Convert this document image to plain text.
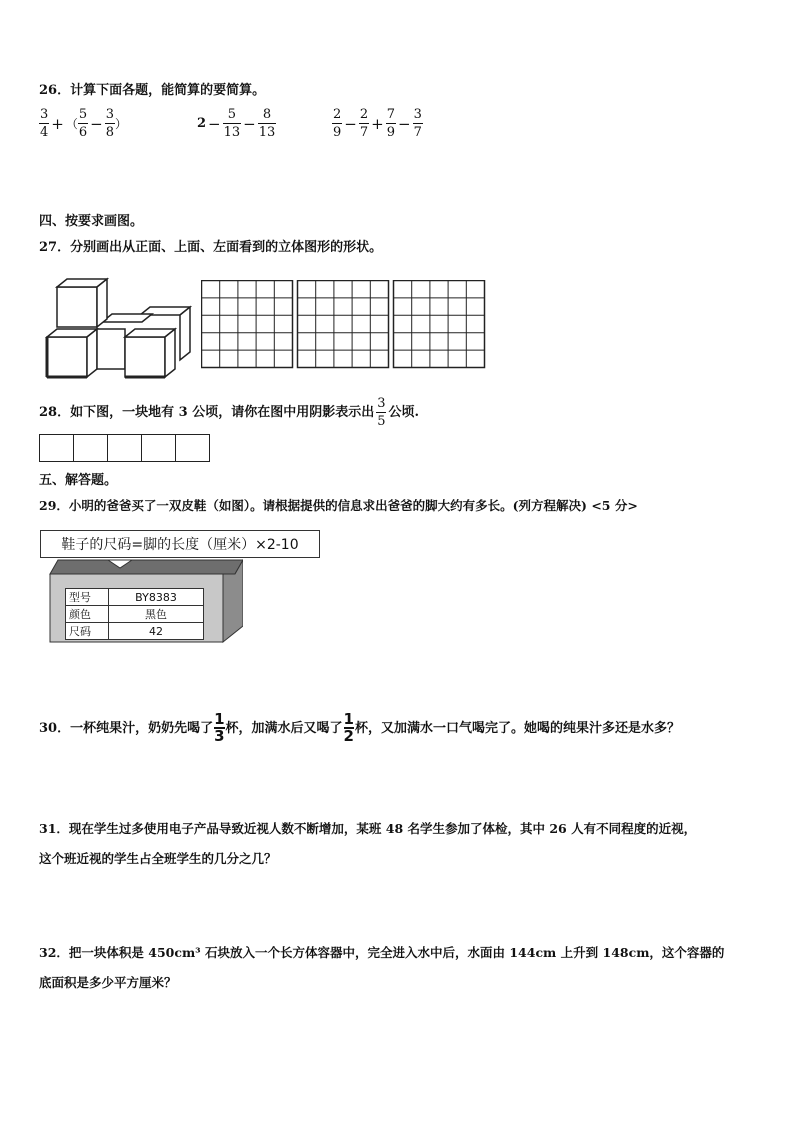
26．计算下面各题，能简算的要简算。
$\frac{3}{4}$ + （ $\frac{5}{6} - \frac{3}{8}$ ）	$2 - \frac{5}{13} - \frac{8}{13}$	$\frac{2}{9} - \frac{2}{7} + \frac{7}{9} - \frac{3}{7}$
四、按要求画图。
27．分别画出从正面、上面、左面看到的立体图形的形状。
28．如下图，一块地有 3 公顷，请你在图中用阴影表示出 $\frac{3}{5}$ 公顷.
五、解答题。
29．小明的爸爸买了一双皮鞋（如图）。请根据提供的信息求出爸爸的脚大约有多长。(列方程解决) <5 分>
鞋子的尺码=脚的长度（厘米）×2-10
型号	BY8383
颜色	黑色
尺码	42
30．一杯纯果汁，奶奶先喝了 $\frac{1}{3}$ 杯，加满水后又喝了 $\frac{1}{2}$ 杯，又加满水一口气喝完了。她喝的纯果汁多还是水多？
31．现在学生过多使用电子产品导致近视人数不断增加，某班 48 名学生参加了体检，其中 26 人有不同程度的近视，
这个班近视的学生占全班学生的几分之几？
32．把一块体积是 450cm³ 石块放入一个长方体容器中，完全进入水中后，水面由 144cm 上升到 148cm，这个容器的
底面积是多少平方厘米？
